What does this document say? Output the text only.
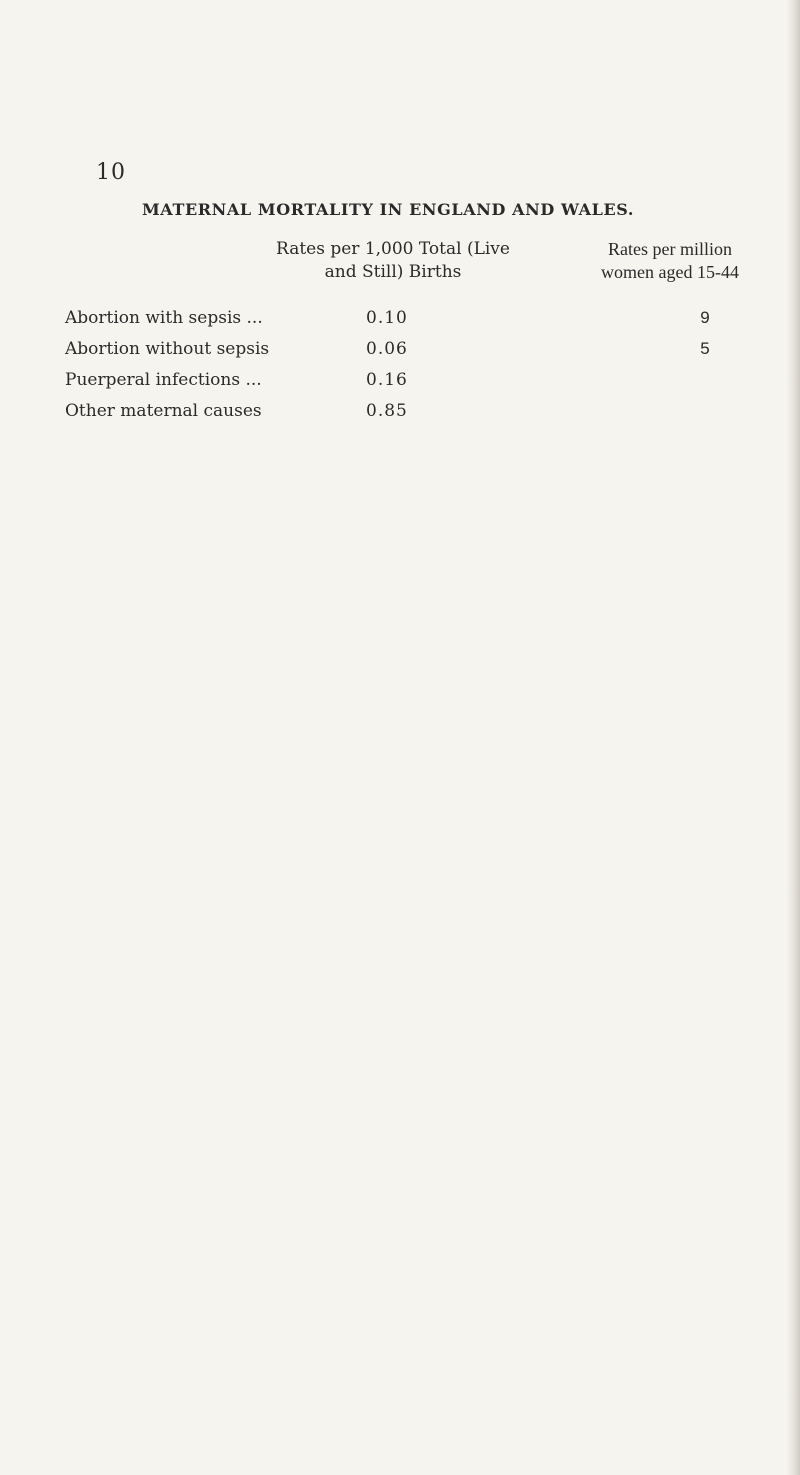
10
MATERNAL MORTALITY IN ENGLAND AND WALES.
Rates per 1,000 Total (Live
and Still) Births
Rates per million
women aged 15-44
Abortion with sepsis ...	0.10	9
Abortion without sepsis	0.06	5
Puerperal infections ...	0.16
Other maternal causes	0.85
